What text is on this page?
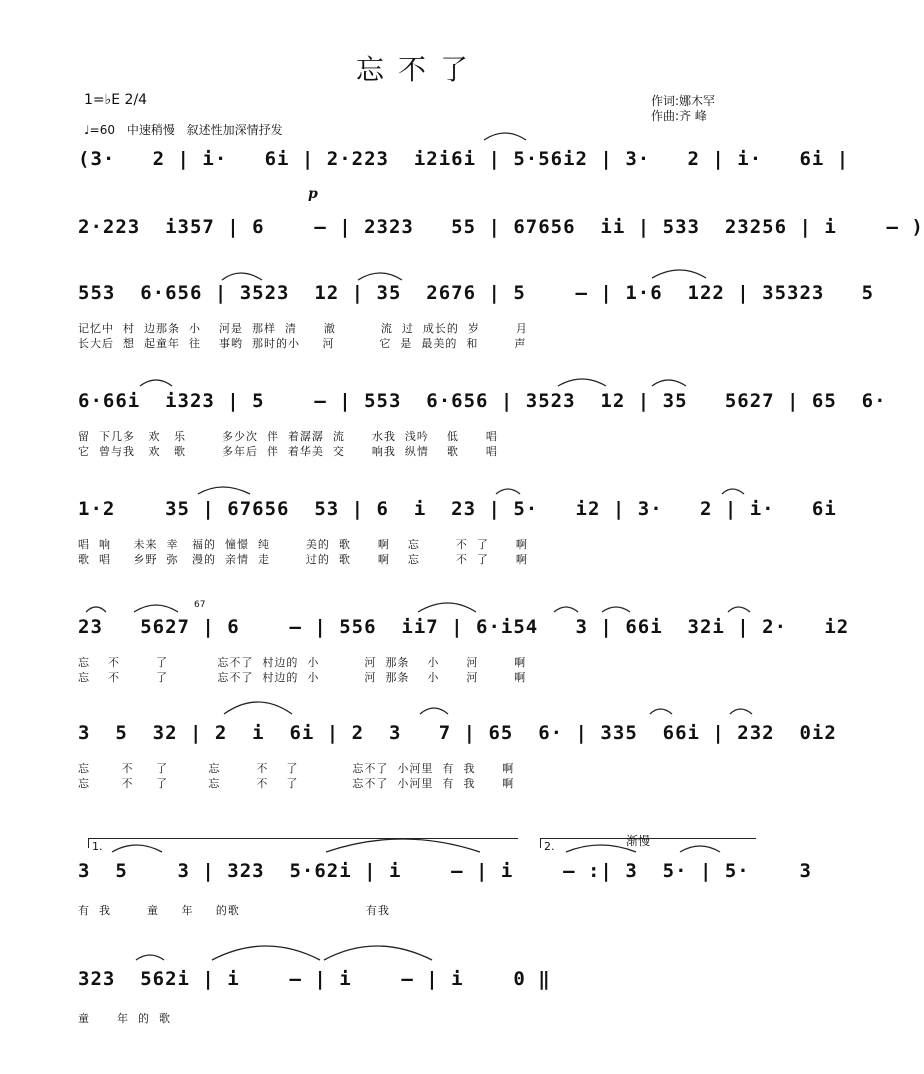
忘不了
1=♭E 2/4
♩=60 中速稍慢 叙述性加深情抒发
作词:娜木罕
作曲:齐 峰
(3·   2 | i·   6i | 2·223  i2i6i | 5·56i2 | 3·   2 | i·   6i |
p
2·223  i357 | 6    – | 2323   55 | 67656  ii | 533  23256 | i    – )
553  6·656 | 3523  12 | 35  2676 | 5    – | 1·6  122 | 35323   5
记忆中  村  边那条  小    河是  那样  清      澈          流  过  成长的  岁        月
长大后  想  起童年  往    事哟  那时的小     河          它  是  最美的  和        声
6·66i  i323 | 5    – | 553  6·656 | 3523  12 | 35   5627 | 65  6·
留  下几多   欢   乐        多少次  伴  着潺潺  流      水我  浅吟    低      唱
它  曾与我   欢   歌        多年后  伴  着华美  交      响我  纵情    歌      唱
1·2    35 | 67656  53 | 6  i  23 | 5·   i2 | 3·   2 | i·   6i
唱  响     未来  幸   福的  憧憬  纯        美的  歌      啊    忘        不  了      啊
歌  唱     乡野  弥   漫的  亲情  走        过的  歌      啊    忘        不  了      啊
67
23   5627 | 6    – | 556  ii7 | 6·i54   3 | 66i  32i | 2·   i2
忘    不        了           忘不了  村边的  小          河  那条    小      河        啊
忘    不        了           忘不了  村边的  小          河  那条    小      河        啊
3  5  32 | 2  i  6i | 2  3   7 | 65  6· | 335  66i | 232  0i2
忘       不     了         忘        不    了            忘不了  小河里  有  我      啊
忘       不     了         忘        不    了            忘不了  小河里  有  我      啊
1.	2.	渐慢
3  5    3 | 323  5·62i | i    – | i    – :| 3  5· | 5·    3
有  我        童     年     的歌                            有我
323  562i | i    – | i    – | i    0 ‖
童      年  的  歌
